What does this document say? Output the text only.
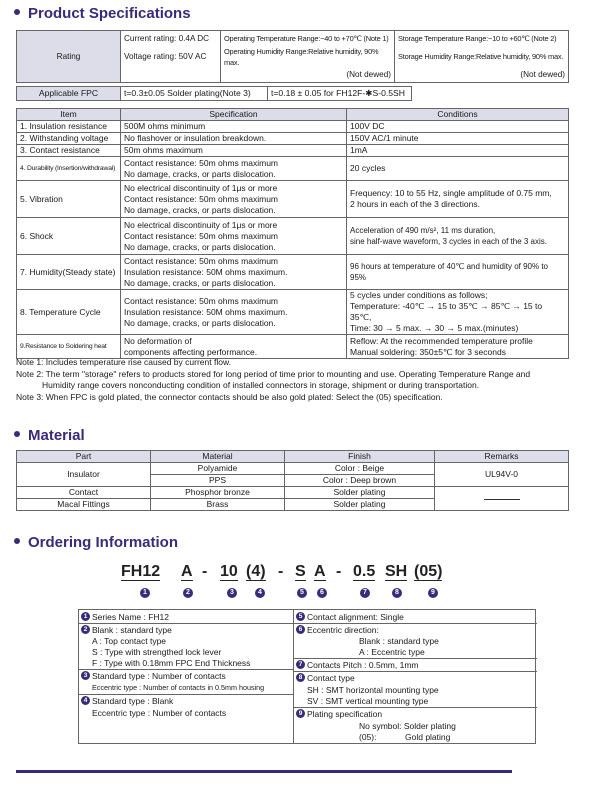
Product Specifications
Rating	Current rating: 0.4A DC	Operating Temperature Range:−40 to +70℃ (Note 1)	Storage Temperature Range:−10 to +60℃ (Note 2)
	Voltage rating: 50V AC	Operating Humidity Range:Relative humidity, 90% max.	Storage Humidity Range:Relative humidity, 90% max.
		(Not dewed)	(Not dewed)
Applicable FPC	t=0.3±0.05 Solder plating(Note 3)	t=0.18 ± 0.05 for FH12F-✱S-0.5SH
Item	Specification	Conditions
1. Insulation resistance	500M ohms minimum	100V DC

2. Withstanding voltage	No flashover or insulation breakdown.	150V AC/1 minute

3. Contact resistance	50m ohms maximum	1mA

4. Durability (Insertion/withdrawal)	Contact resistance: 50m ohms maximum
No damage, cracks, or parts dislocation.	20 cycles

5. Vibration	No electrical discontinuity of 1μs or more
Contact resistance: 50m ohms maximum
No damage, cracks, or parts dislocation.	Frequency: 10 to 55 Hz, single amplitude of 0.75 mm,
2 hours in each of the 3 directions.

6. Shock	No electrical discontinuity of 1μs or more
Contact resistance: 50m ohms maximum
No damage, cracks, or parts dislocation.	Acceleration of 490 m/s², 11 ms duration,
sine half-wave waveform, 3 cycles in each of the 3 axis.

7. Humidity(Steady state)	Contact resistance: 50m ohms maximum
Insulation resistance: 50M ohms maximum.
No damage, cracks, or parts dislocation.	96 hours at temperature of 40℃ and humidity of 90% to 95%

8. Temperature Cycle	Contact resistance: 50m ohms maximum
Insulation resistance: 50M ohms maximum.
No damage, cracks, or parts dislocation.	5 cycles under conditions as follows;
Temperature: -40℃ → 15 to 35℃ → 85℃ → 15 to 35℃,
Time: 30 → 5 max. → 30 → 5 max.(minutes)

9.Resistance to Soldering heat	No deformation of
components affecting performance.	Reflow: At the recommended temperature profile
Manual soldering: 350±5℃ for 3 seconds
Note 1: Includes temperature rise caused by current flow.
Note 2: The term "storage" refers to products stored for long period of time prior to mounting and use. Operating Temperature Range and
Humidity range covers nonconducting condition of installed connectors in storage, shipment or during transportation.
Note 3: When FPC is gold plated, the connector contacts should be also gold plated: Select the (05) specification.
Material
Part	Material	Finish	Remarks
Insulator	Polyamide	Color : Beige	UL94V-0
	PPS	Color : Deep brown	
Contact	Phosphor bronze	Solder plating	
Macal Fittings	Brass	Solder plating	
Ordering Information
FH12 A - 10 (4) - S A - 0.5 SH (05)
1	2	3	4	5	6	7	8	9
1 Series Name : FH12
2 Blank : standard type
A : Top contact type
S : Type with strengthed lock lever
F : Type with 0.18mm FPC End Thickness
3 Standard type : Number of contacts
Eccentric type : Number of contacts in 0.5mm housing
4 Standard type : Blank
Eccentric type : Number of contacts
5 Contact alignment: Single
6 Eccentric direction:
Blank : standard type
A : Eccentric type
7 Contacts Pitch : 0.5mm, 1mm
8 Contact type
SH : SMT horizontal mounting type
SV : SMT vertical mounting type
9 Plating specification
No symbol: Solder plating
(05):	Gold plating
